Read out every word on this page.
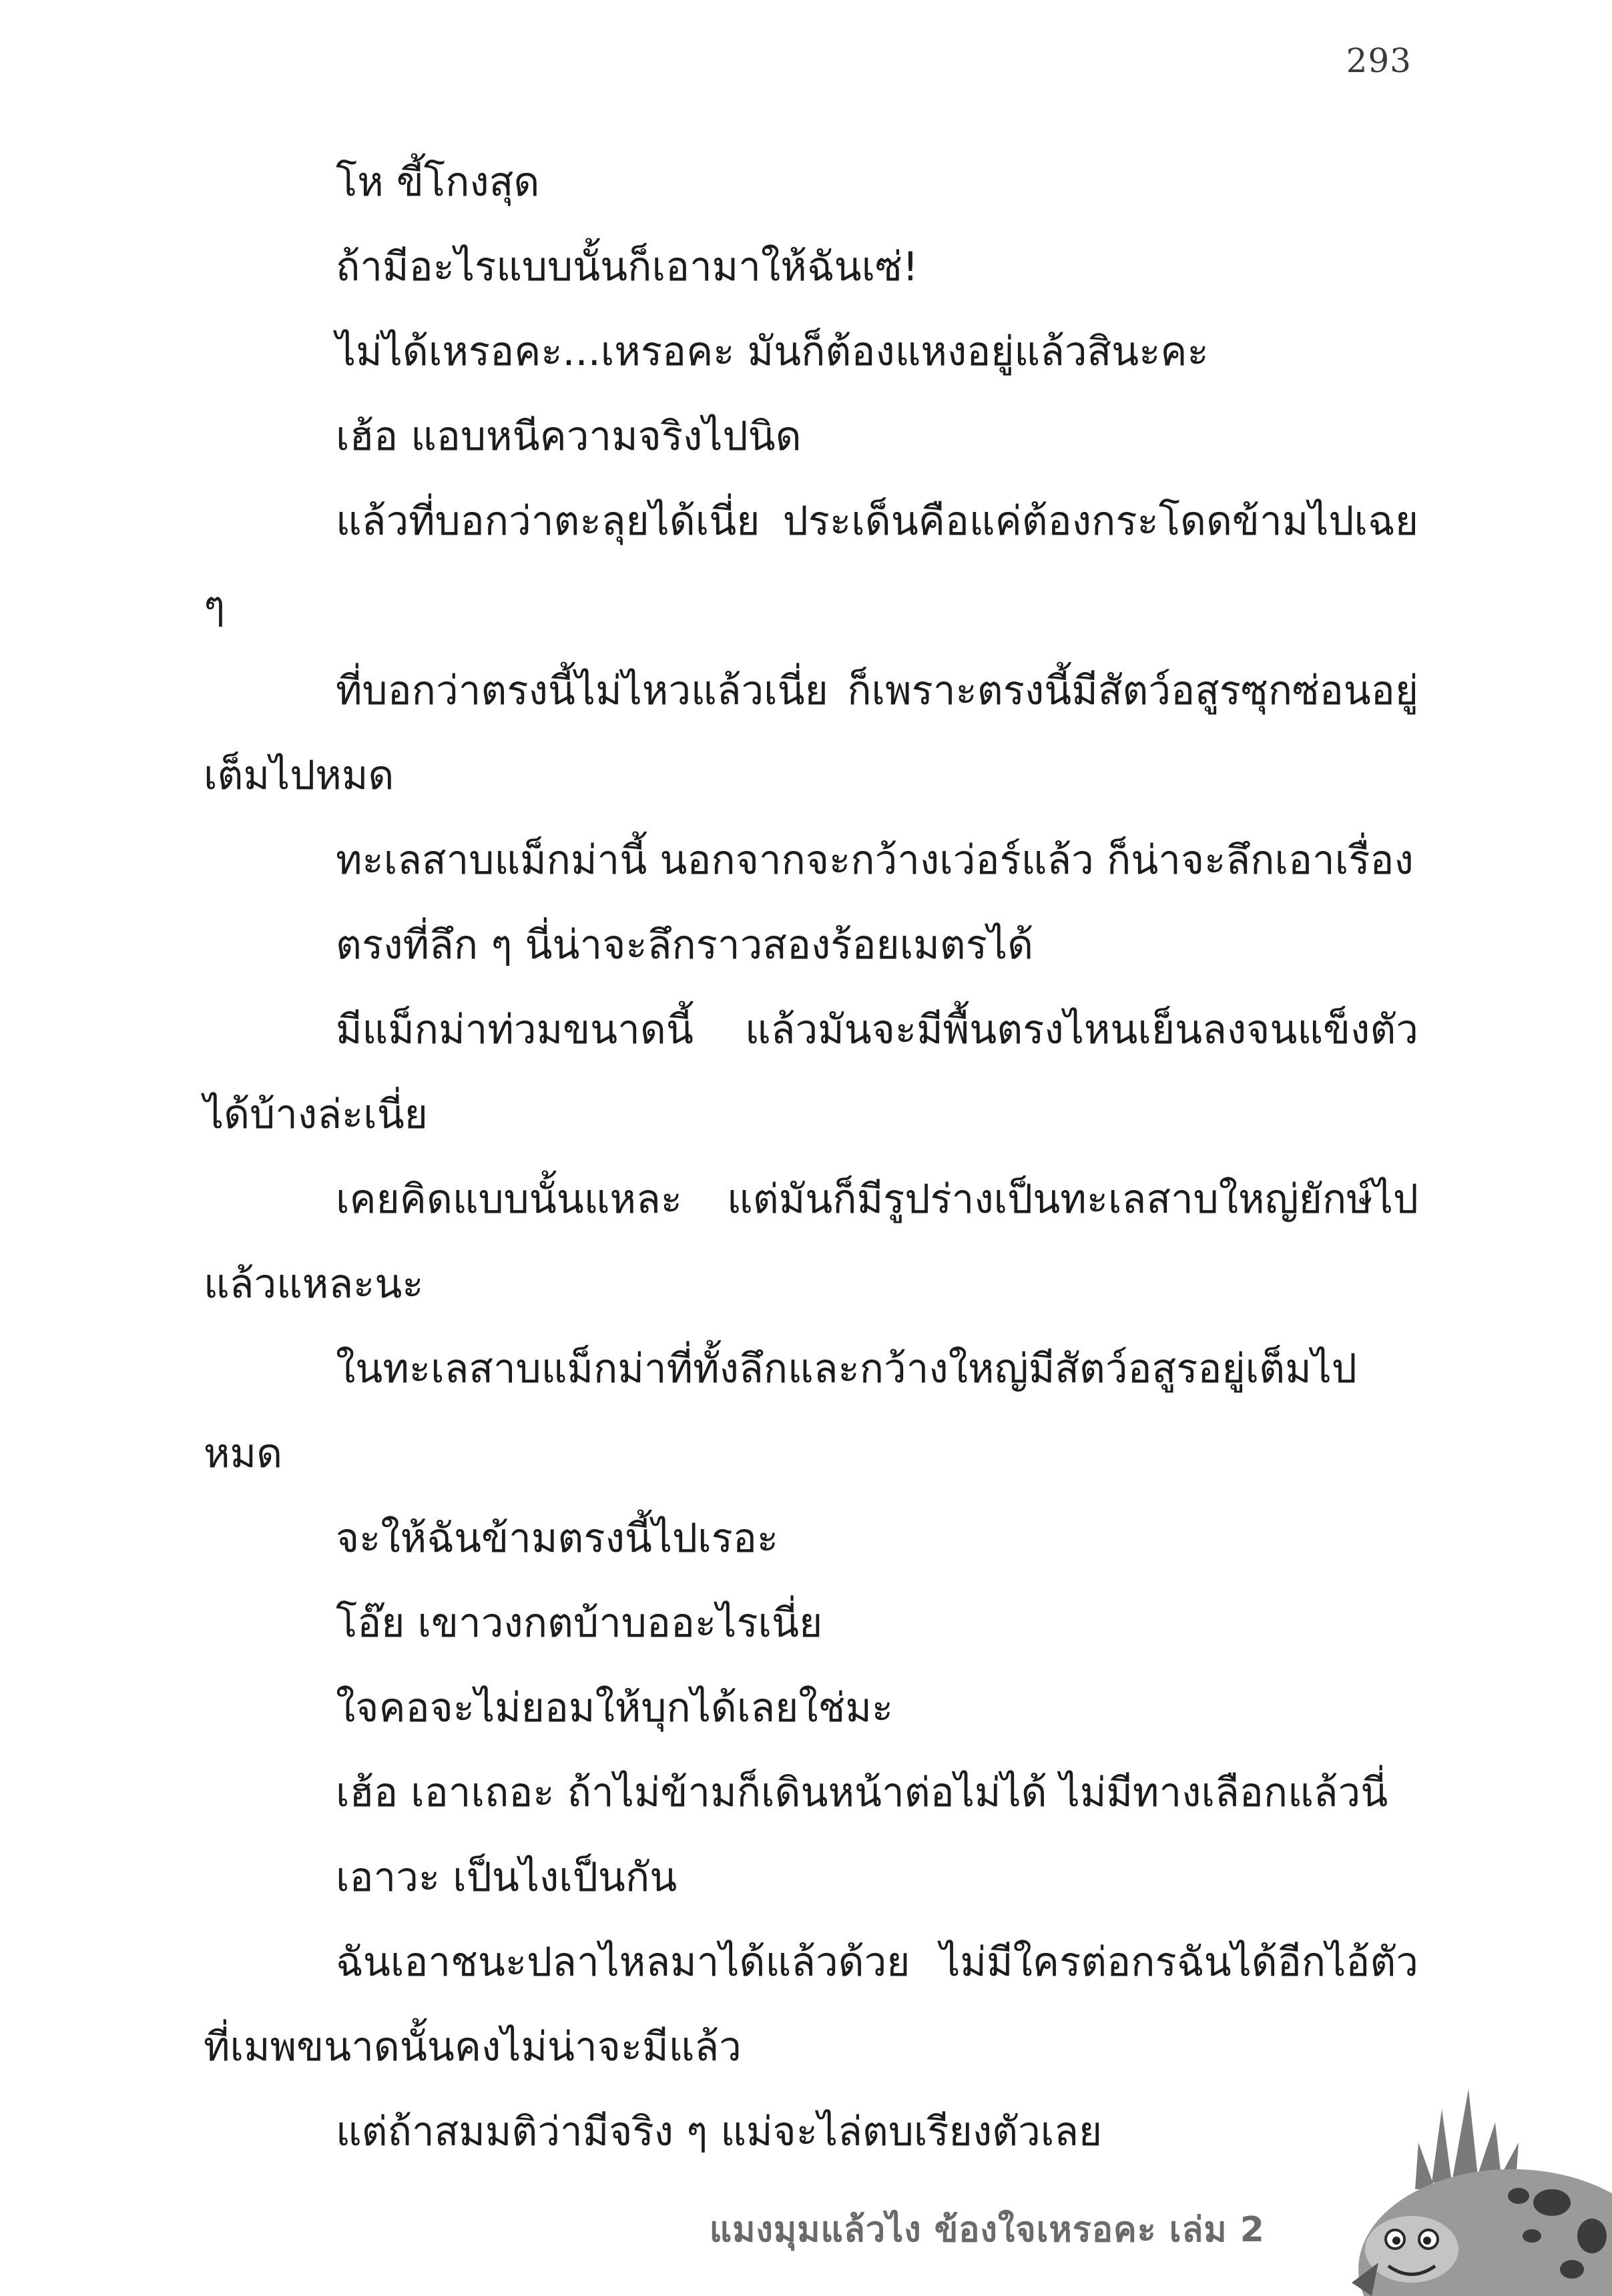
293

โห ขี้โกงสุด

ถ้ามีอะไรแบบนั้นก็เอามาให้ฉันเซ่!

ไม่ได้เหรอคะ...เหรอคะ มันก็ต้องแหงอยู่แล้วสินะคะ

เฮ้อ แอบหนีความจริงไปนิด

แล้วที่บอกว่าตะลุยได้เนี่ย ประเด็นคือแค่ต้องกระโดดข้ามไปเฉย ๆ

ที่บอกว่าตรงนี้ไม่ไหวแล้วเนี่ย ก็เพราะตรงนี้มีสัตว์อสูรซุกซ่อนอยู่เต็มไปหมด

ทะเลสาบแม็กม่านี้ นอกจากจะกว้างเว่อร์แล้ว ก็น่าจะลึกเอาเรื่อง

ตรงที่ลึก ๆ นี่น่าจะลึกราวสองร้อยเมตรได้

มีแม็กม่าท่วมขนาดนี้ แล้วมันจะมีพื้นตรงไหนเย็นลงจนแข็งตัวได้บ้างล่ะเนี่ย

เคยคิดแบบนั้นแหละ แต่มันก็มีรูปร่างเป็นทะเลสาบใหญ่ยักษ์ไปแล้วแหละนะ

ในทะเลสาบแม็กม่าที่ทั้งลึกและกว้างใหญ่มีสัตว์อสูรอยู่เต็มไปหมด

จะให้ฉันข้ามตรงนี้ไปเรอะ

โอ๊ย เขาวงกตบ้าบออะไรเนี่ย

ใจคอจะไม่ยอมให้บุกได้เลยใช่มะ

เฮ้อ เอาเถอะ ถ้าไม่ข้ามก็เดินหน้าต่อไม่ได้ ไม่มีทางเลือกแล้วนี่

เอาวะ เป็นไงเป็นกัน

ฉันเอาชนะปลาไหลมาได้แล้วด้วย ไม่มีใครต่อกรฉันได้อีกไอ้ตัวที่เมพขนาดนั้นคงไม่น่าจะมีแล้ว

แต่ถ้าสมมติว่ามีจริง ๆ แม่จะไล่ตบเรียงตัวเลย

แมงมุมแล้วไง ข้องใจเหรอคะ เล่ม 2
